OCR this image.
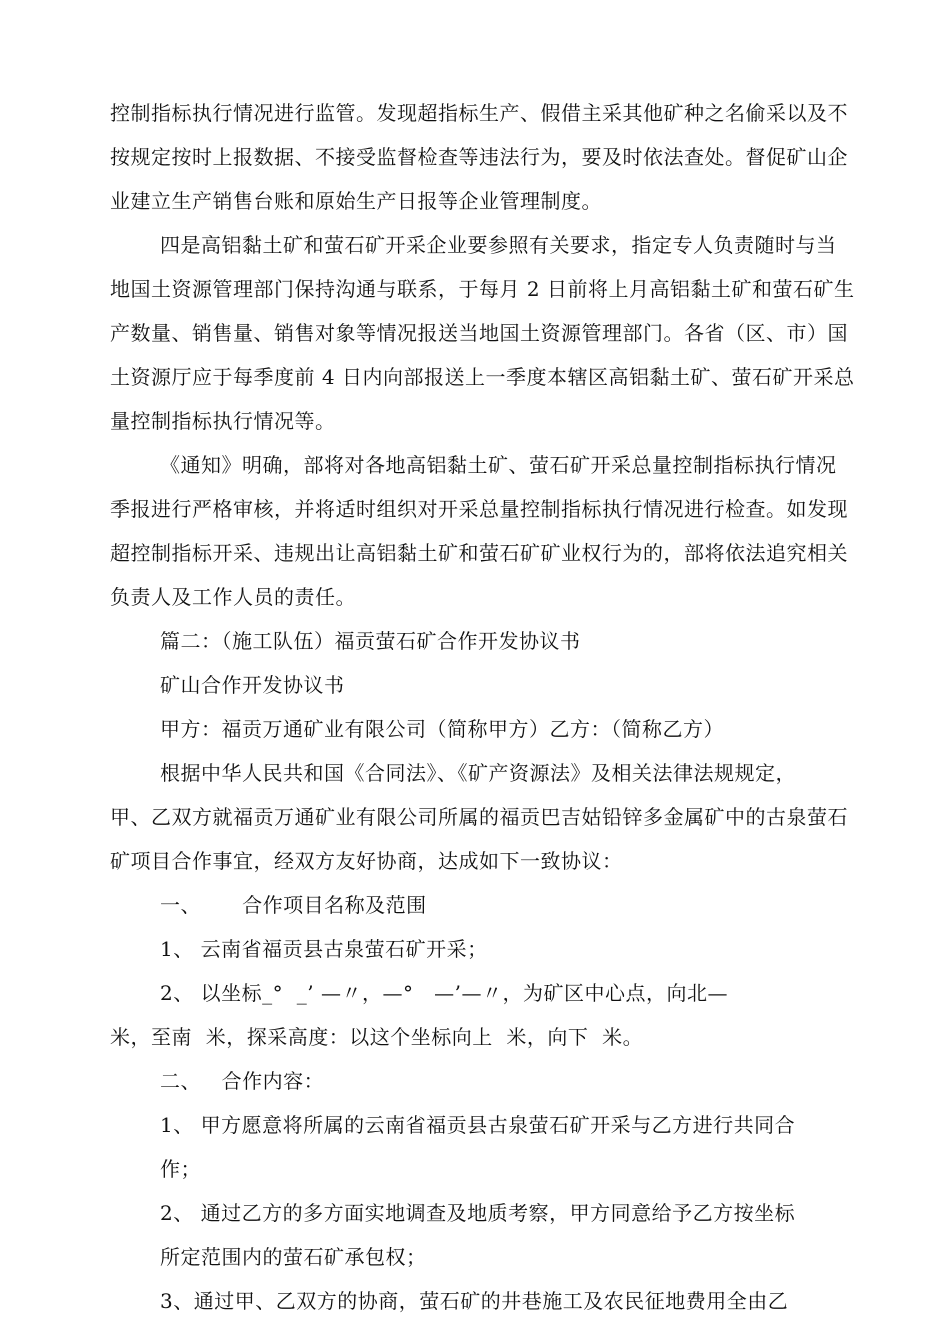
控制指标执行情况进行监管。发现超指标生产、假借主采其他矿种之名偷采以及不
按规定按时上报数据、不接受监督检查等违法行为，要及时依法查处。督促矿山企
业建立生产销售台账和原始生产日报等企业管理制度。
四是高铝黏土矿和萤石矿开采企业要参照有关要求，指定专人负责随时与当
地国土资源管理部门保持沟通与联系，于每月 2 日前将上月高铝黏土矿和萤石矿生
产数量、销售量、销售对象等情况报送当地国土资源管理部门。各省（区、市）国
土资源厅应于每季度前 4 日内向部报送上一季度本辖区高铝黏土矿、萤石矿开采总
量控制指标执行情况等。
《通知》明确，部将对各地高铝黏土矿、萤石矿开采总量控制指标执行情况
季报进行严格审核，并将适时组织对开采总量控制指标执行情况进行检查。如发现
超控制指标开采、违规出让高铝黏土矿和萤石矿矿业权行为的，部将依法追究相关
负责人及工作人员的责任。
篇二：（施工队伍）福贡萤石矿合作开发协议书
矿山合作开发协议书
甲方：福贡万通矿业有限公司（简称甲方）乙方：（简称乙方）
根据中华人民共和国《合同法》、《矿产资源法》及相关法律法规规定，
甲、乙双方就福贡万通矿业有限公司所属的福贡巴吉姑铅锌多金属矿中的古泉萤石
矿项目合作事宜，经双方友好协商，达成如下一致协议：
一、      合作项目名称及范围
1、 云南省福贡县古泉萤石矿开采；
2、 以坐标_°  _’ —〃，—°   —’—〃，为矿区中心点，向北—
米，至南  米，探采高度：以这个坐标向上  米，向下  米。
二、   合作内容：
1、 甲方愿意将所属的云南省福贡县古泉萤石矿开采与乙方进行共同合
作；
2、 通过乙方的多方面实地调查及地质考察，甲方同意给予乙方按坐标
所定范围内的萤石矿承包权；
3、通过甲、乙双方的协商，萤石矿的井巷施工及农民征地费用全由乙
